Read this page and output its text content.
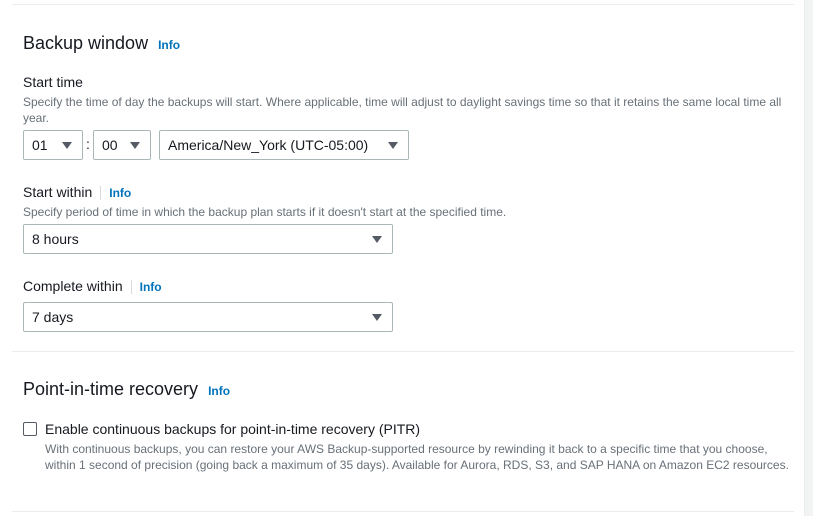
Backup window Info
Start time
Specify the time of day the backups will start. Where applicable, time will adjust to daylight savings time so that it retains the same local time all year.
01	: 00	America/New_York (UTC-05:00)
Start within Info
Specify period of time in which the backup plan starts if it doesn't start at the specified time.
8 hours
Complete within Info
7 days
Point-in-time recovery Info
Enable continuous backups for point-in-time recovery (PITR)
With continuous backups, you can restore your AWS Backup-supported resource by rewinding it back to a specific time that you choose, within 1 second of precision (going back a maximum of 35 days). Available for Aurora, RDS, S3, and SAP HANA on Amazon EC2 resources.
